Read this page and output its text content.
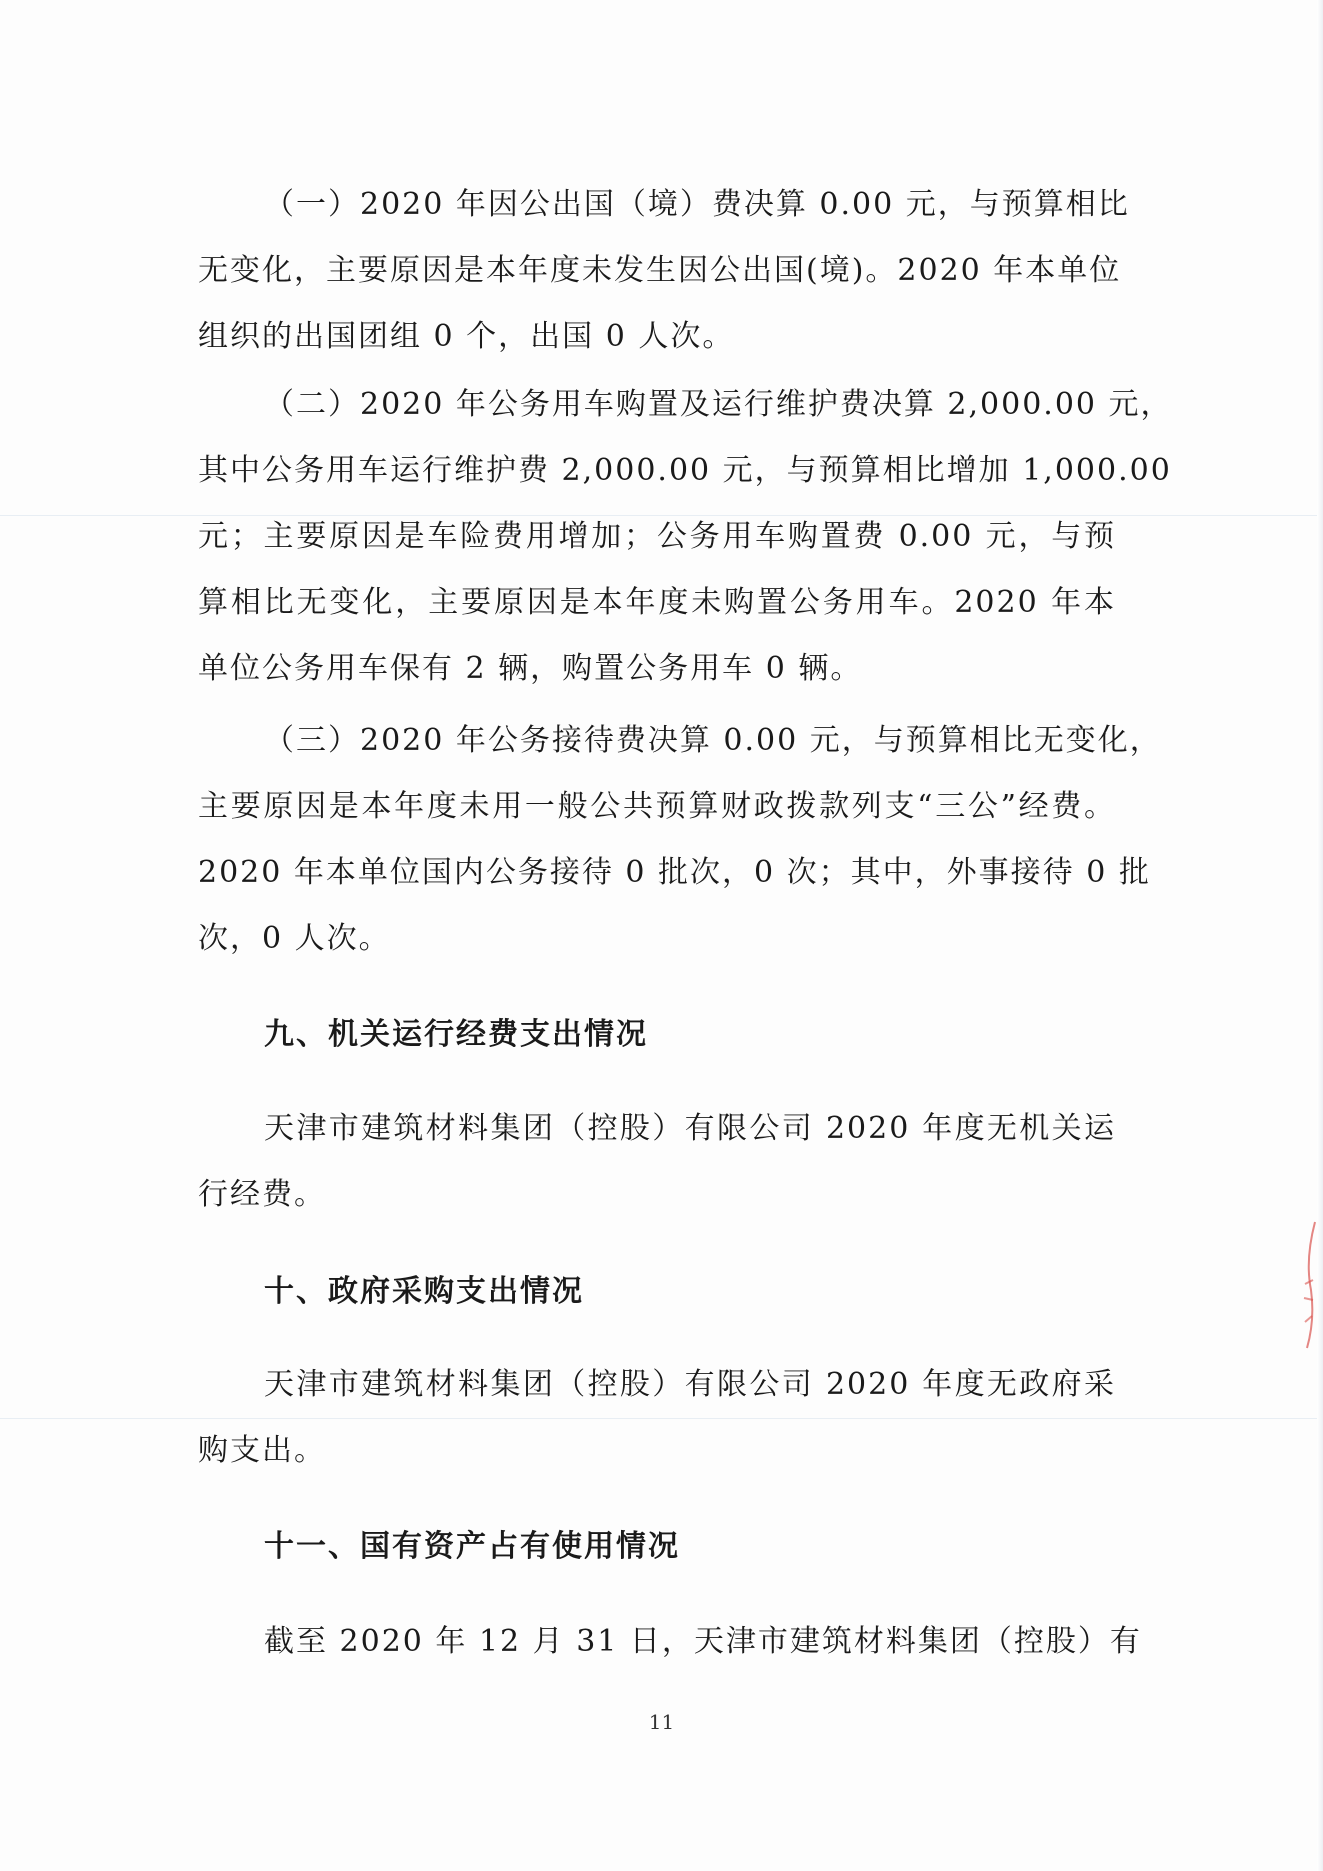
（一）2020 年因公出国（境）费决算 0.00 元，与预算相比
无变化，主要原因是本年度未发生因公出国(境)。2020 年本单位
组织的出国团组 0 个，出国 0 人次。
（二）2020 年公务用车购置及运行维护费决算 2,000.00 元，
其中公务用车运行维护费 2,000.00 元，与预算相比增加 1,000.00
元；主要原因是车险费用增加；公务用车购置费 0.00 元，与预
算相比无变化，主要原因是本年度未购置公务用车。2020 年本
单位公务用车保有 2 辆，购置公务用车 0 辆。
（三）2020 年公务接待费决算 0.00 元，与预算相比无变化，
主要原因是本年度未用一般公共预算财政拨款列支“三公”经费。
2020 年本单位国内公务接待 0 批次，0 次；其中，外事接待 0 批
次，0 人次。
九、机关运行经费支出情况
天津市建筑材料集团（控股）有限公司 2020 年度无机关运
行经费。
十、政府采购支出情况
天津市建筑材料集团（控股）有限公司 2020 年度无政府采
购支出。
十一、国有资产占有使用情况
截至 2020 年 12 月 31 日，天津市建筑材料集团（控股）有
11
